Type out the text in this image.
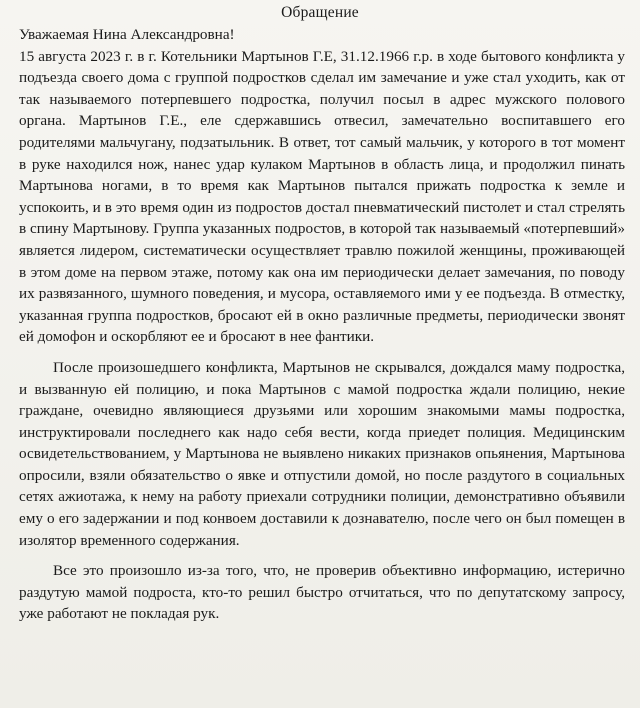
Обращение

Уважаемая Нина Александровна!

15 августа 2023 г. в г. Котельники Мартынов Г.Е, 31.12.1966 г.р. в ходе бытового конфликта у подъезда своего дома с группой подростков сделал им замечание и уже стал уходить, как от так называемого потерпевшего подростка, получил посыл в адрес мужского полового органа. Мартынов Г.Е., еле сдержавшись отвесил, замечательно воспитавшего его родителями мальчугану, подзатыльник. В ответ, тот самый мальчик, у которого в тот момент в руке находился нож, нанес удар кулаком Мартынов в область лица, и продолжил пинать Мартынова ногами, в то время как Мартынов пытался прижать подростка к земле и успокоить, и в это время один из подростов достал пневматический пистолет и стал стрелять в спину Мартынову. Группа указанных подростов, в которой так называемый «потерпевший» является лидером, систематически осуществляет травлю пожилой женщины, проживающей в этом доме на первом этаже, потому как она им периодически делает замечания, по поводу их развязанного, шумного поведения, и мусора, оставляемого ими у ее подъезда. В отместку, указанная группа подростков, бросают ей в окно различные предметы, периодически звонят ей домофон и оскорбляют ее и бросают в нее фантики.

После произошедшего конфликта, Мартынов не скрывался, дождался маму подростка, и вызванную ей полицию, и пока Мартынов с мамой подростка ждали полицию, некие граждане, очевидно являющиеся друзьями или хорошим знакомыми мамы подростка, инструктировали последнего как надо себя вести, когда приедет полиция. Медицинским освидетельствованием, у Мартынова не выявлено никаких признаков опьянения, Мартынова опросили, взяли обязательство о явке и отпустили домой, но после раздутого в социальных сетях ажиотажа, к нему на работу приехали сотрудники полиции, демонстративно объявили ему о его задержании и под конвоем доставили к дознавателю, после чего он был помещен в изолятор временного содержания.

Все это произошло из-за того, что, не проверив объективно информацию, истерично раздутую мамой подроста, кто-то решил быстро отчитаться, что по депутатскому запросу, уже работают не покладая рук.
